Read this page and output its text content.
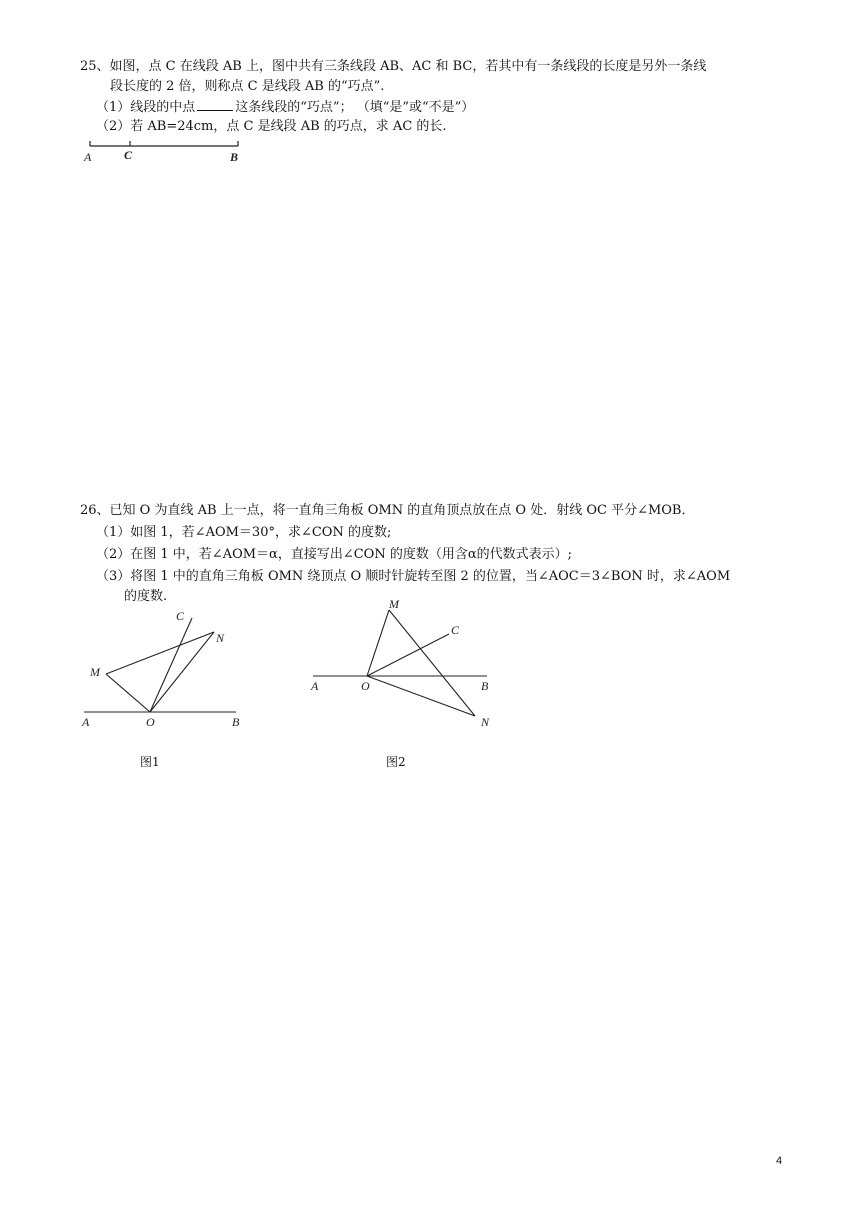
25、如图，点 C 在线段 AB 上，图中共有三条线段 AB、AC 和 BC，若其中有一条线段的长度是另外一条线
段长度的 2 倍，则称点 C 是线段 AB 的“巧点”.
（1）线段的中点	这条线段的“巧点”； （填“是”或“不是”）
（2）若 AB=24cm，点 C 是线段 AB 的巧点，求 AC 的长.
A	C	B
26、已知 O 为直线 AB 上一点，将一直角三角板 OMN 的直角顶点放在点 O 处．射线 OC 平分∠MOB．
（1）如图 1，若∠AOM＝30°，求∠CON 的度数;
（2）在图 1 中，若∠AOM＝α，直接写出∠CON 的度数（用含α的代数式表示）;
（3）将图 1 中的直角三角板 OMN 绕顶点 O 顺时针旋转至图 2 的位置，当∠AOC＝3∠BON 时，求∠AOM
的度数.
C
N
M
A	O	B
图1
M
C
A	O	B
N
图2
4
